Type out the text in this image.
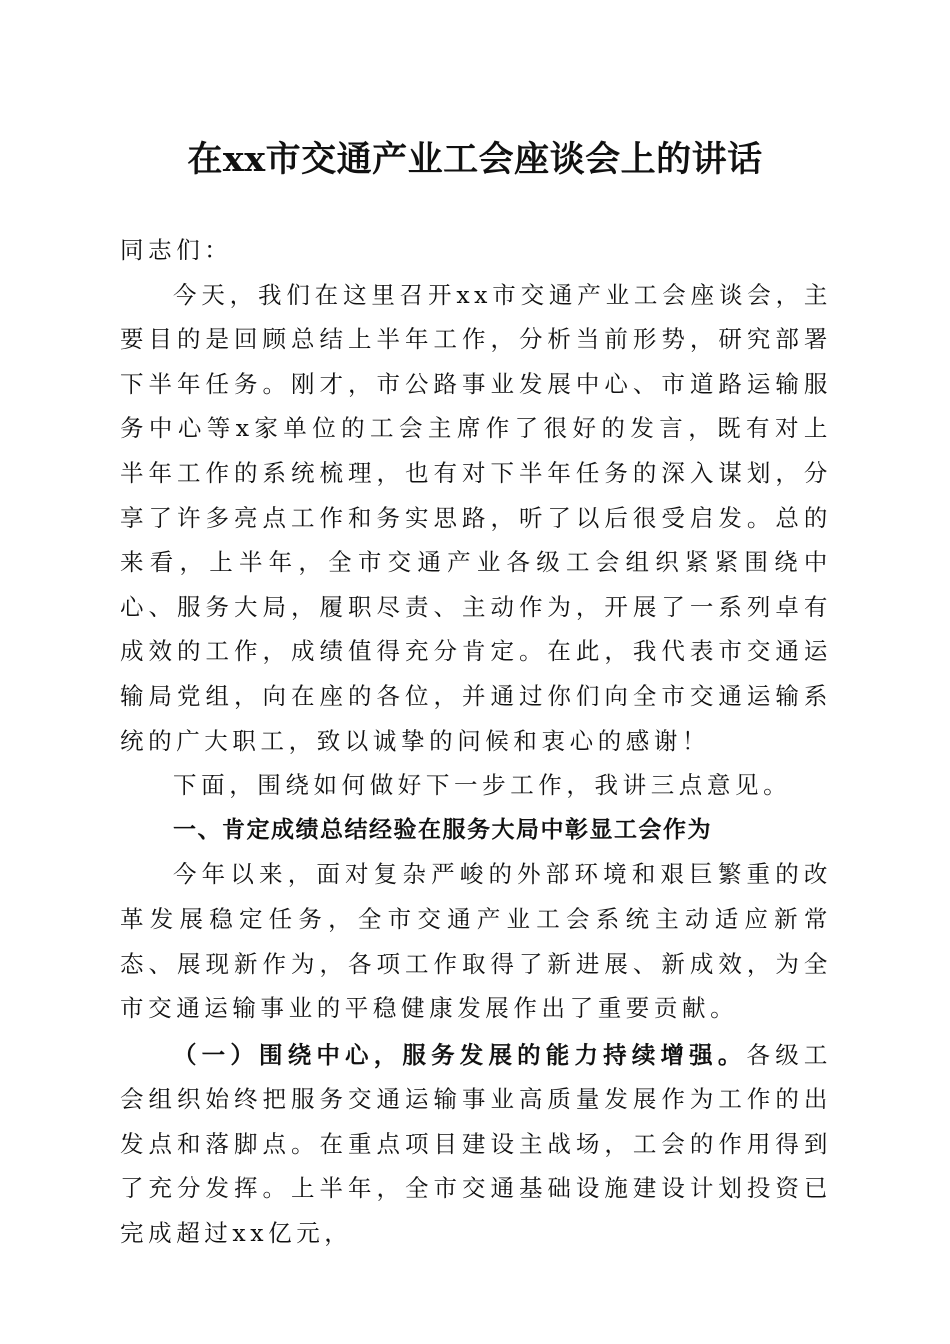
在xx市交通产业工会座谈会上的讲话

同志们：

今天，我们在这里召开xx市交通产业工会座谈会，主要目的是回顾总结上半年工作，分析当前形势，研究部署下半年任务。刚才，市公路事业发展中心、市道路运输服务中心等x家单位的工会主席作了很好的发言，既有对上半年工作的系统梳理，也有对下半年任务的深入谋划，分享了许多亮点工作和务实思路，听了以后很受启发。总的来看，上半年，全市交通产业各级工会组织紧紧围绕中心、服务大局，履职尽责、主动作为，开展了一系列卓有成效的工作，成绩值得充分肯定。在此，我代表市交通运输局党组，向在座的各位，并通过你们向全市交通运输系统的广大职工，致以诚挚的问候和衷心的感谢！

下面，围绕如何做好下一步工作，我讲三点意见。

一、肯定成绩总结经验在服务大局中彰显工会作为

今年以来，面对复杂严峻的外部环境和艰巨繁重的改革发展稳定任务，全市交通产业工会系统主动适应新常态、展现新作为，各项工作取得了新进展、新成效，为全市交通运输事业的平稳健康发展作出了重要贡献。

（一）围绕中心，服务发展的能力持续增强。各级工会组织始终把服务交通运输事业高质量发展作为工作的出发点和落脚点。在重点项目建设主战场，工会的作用得到了充分发挥。上半年，全市交通基础设施建设计划投资已完成超过xx亿元，
